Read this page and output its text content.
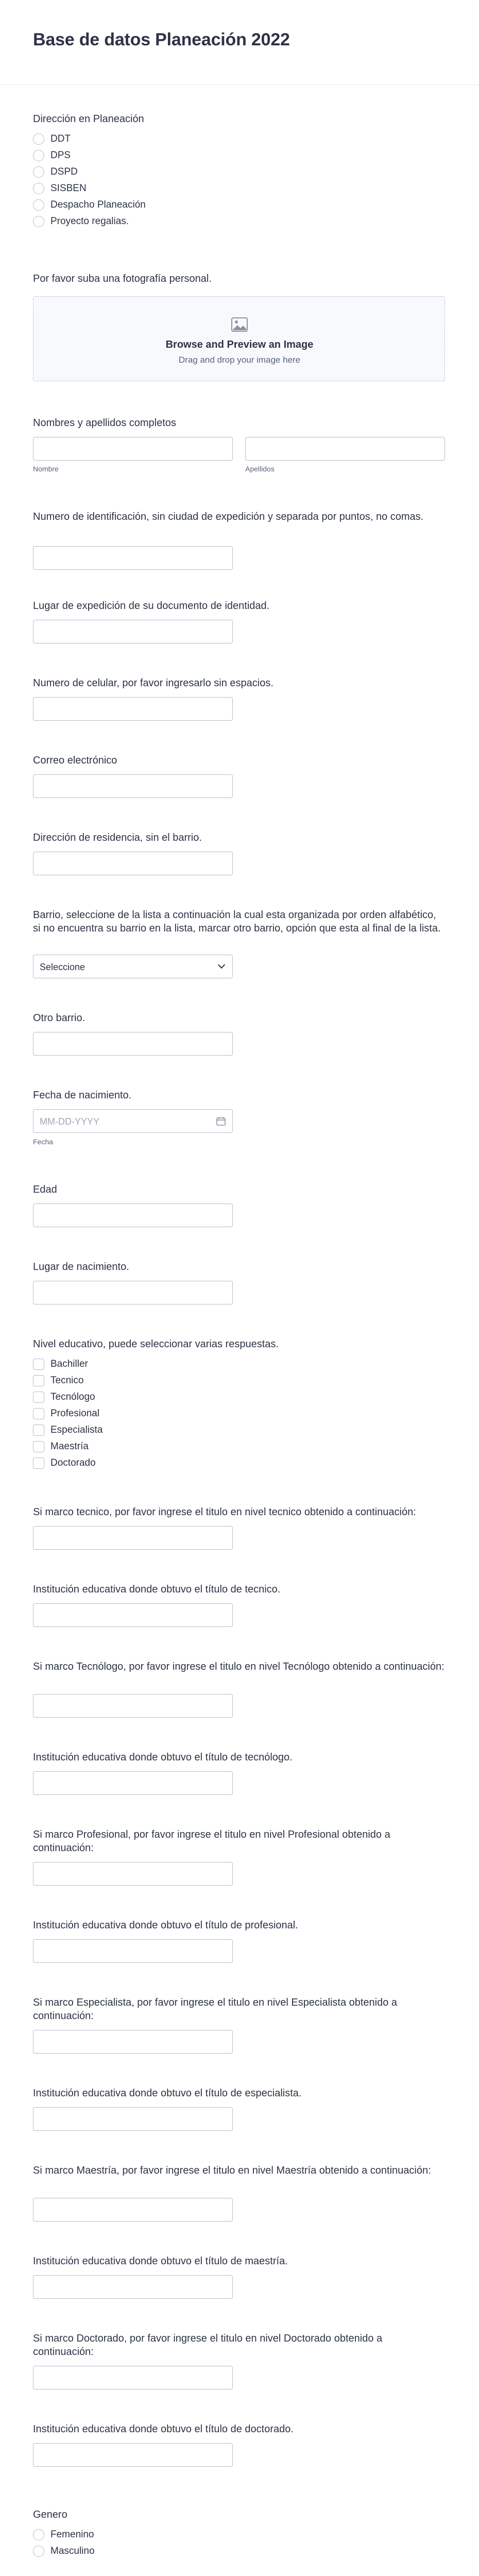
Base de datos Planeación 2022
Dirección en Planeación
DDT
DPS
DSPD
SISBEN
Despacho Planeación
Proyecto regalias.
Por favor suba una fotografía personal.
Browse and Preview an Image
Drag and drop your image here
Nombres y apellidos completos
Nombre	Apellidos
Numero de identificación, sin ciudad de expedición y separada por puntos, no comas.
Lugar de expedición de su documento de identidad.
Numero de celular, por favor ingresarlo sin espacios.
Correo electrónico
Dirección de residencia, sin el barrio.
Barrio, seleccione de la lista a continuación la cual esta organizada por orden alfabético, si no encuentra su barrio en la lista, marcar otro barrio, opción que esta al final de la lista.
Seleccione
Otro barrio.
Fecha de nacimiento.
MM-DD-YYYY
Fecha
Edad
Lugar de nacimiento.
Nivel educativo, puede seleccionar varias respuestas.
Bachiller
Tecnico
Tecnólogo
Profesional
Especialista
Maestría
Doctorado
Si marco tecnico, por favor ingrese el titulo en nivel tecnico obtenido a continuación:
Institución educativa donde obtuvo el título de tecnico.
Si marco Tecnólogo, por favor ingrese el titulo en nivel Tecnólogo obtenido a continuación:
Institución educativa donde obtuvo el título de tecnólogo.
Si marco Profesional, por favor ingrese el titulo en nivel Profesional obtenido a continuación:
Institución educativa donde obtuvo el título de profesional.
Si marco Especialista, por favor ingrese el titulo en nivel Especialista obtenido a continuación:
Institución educativa donde obtuvo el título de especialista.
Si marco Maestría, por favor ingrese el titulo en nivel Maestría obtenido a continuación:
Institución educativa donde obtuvo el título de maestría.
Si marco Doctorado, por favor ingrese el titulo en nivel Doctorado obtenido a continuación:
Institución educativa donde obtuvo el título de doctorado.
Genero
Femenino
Masculino
